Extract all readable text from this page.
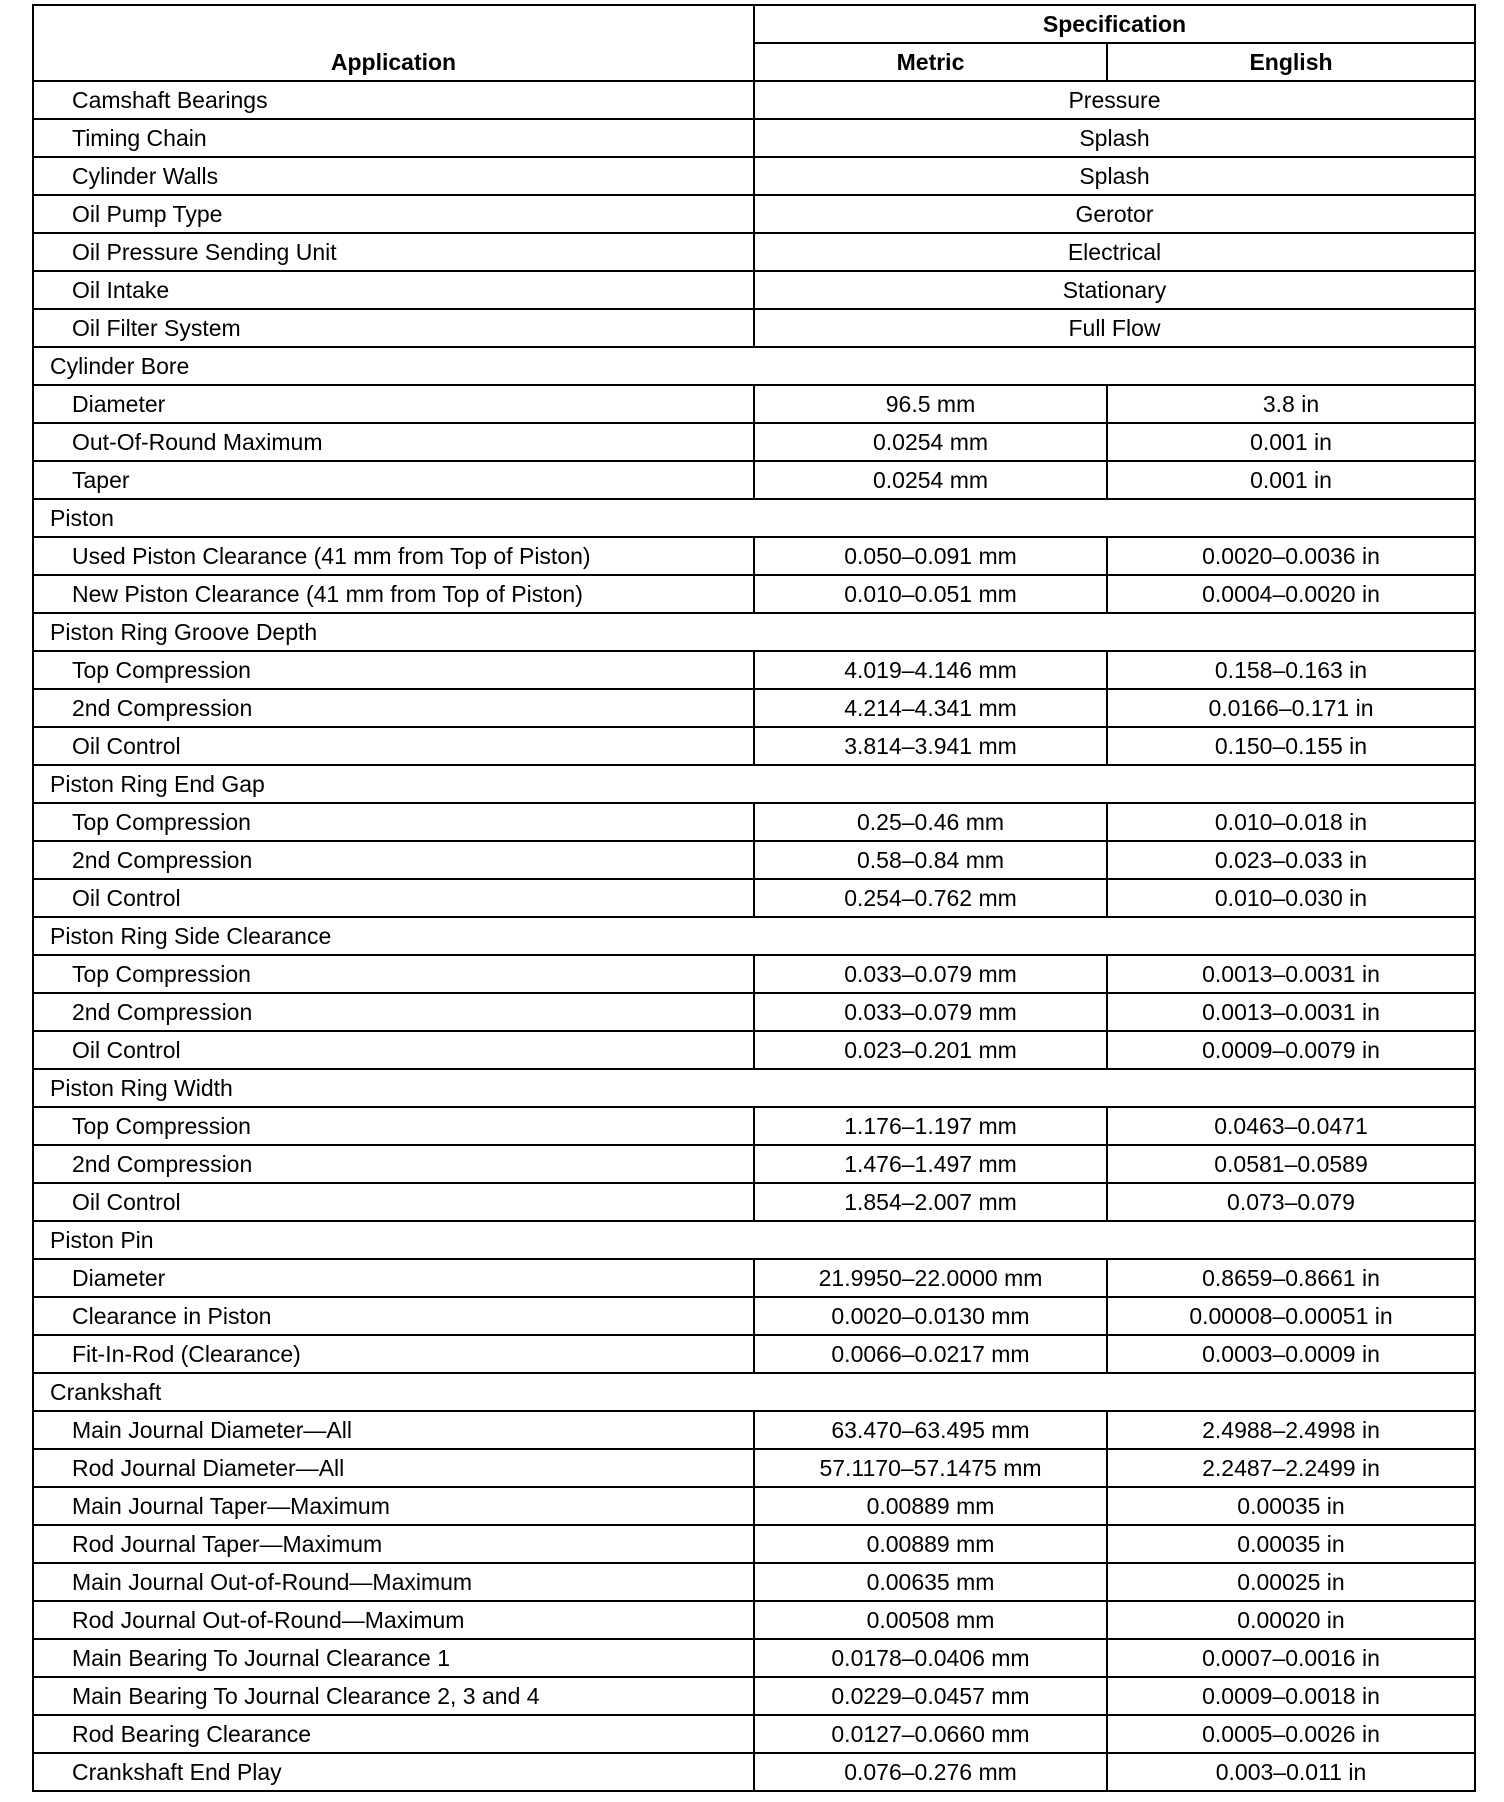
Application	Specification	
	Metric	English
Camshaft Bearings	Pressure	
Timing Chain	Splash	
Cylinder Walls	Splash	
Oil Pump Type	Gerotor	
Oil Pressure Sending Unit	Electrical	
Oil Intake	Stationary	
Oil Filter System	Full Flow	
Cylinder Bore		
Diameter	96.5 mm	3.8 in
Out-Of-Round Maximum	0.0254 mm	0.001 in
Taper	0.0254 mm	0.001 in
Piston		
Used Piston Clearance (41 mm from Top of Piston)	0.050–0.091 mm	0.0020–0.0036 in
New Piston Clearance (41 mm from Top of Piston)	0.010–0.051 mm	0.0004–0.0020 in
Piston Ring Groove Depth		
Top Compression	4.019–4.146 mm	0.158–0.163 in
2nd Compression	4.214–4.341 mm	0.0166–0.171 in
Oil Control	3.814–3.941 mm	0.150–0.155 in
Piston Ring End Gap		
Top Compression	0.25–0.46 mm	0.010–0.018 in
2nd Compression	0.58–0.84 mm	0.023–0.033 in
Oil Control	0.254–0.762 mm	0.010–0.030 in
Piston Ring Side Clearance		
Top Compression	0.033–0.079 mm	0.0013–0.0031 in
2nd Compression	0.033–0.079 mm	0.0013–0.0031 in
Oil Control	0.023–0.201 mm	0.0009–0.0079 in
Piston Ring Width		
Top Compression	1.176–1.197 mm	0.0463–0.0471
2nd Compression	1.476–1.497 mm	0.0581–0.0589
Oil Control	1.854–2.007 mm	0.073–0.079
Piston Pin		
Diameter	21.9950–22.0000 mm	0.8659–0.8661 in
Clearance in Piston	0.0020–0.0130 mm	0.00008–0.00051 in
Fit-In-Rod (Clearance)	0.0066–0.0217 mm	0.0003–0.0009 in
Crankshaft		
Main Journal Diameter—All	63.470–63.495 mm	2.4988–2.4998 in
Rod Journal Diameter—All	57.1170–57.1475 mm	2.2487–2.2499 in
Main Journal Taper—Maximum	0.00889 mm	0.00035 in
Rod Journal Taper—Maximum	0.00889 mm	0.00035 in
Main Journal Out-of-Round—Maximum	0.00635 mm	0.00025 in
Rod Journal Out-of-Round—Maximum	0.00508 mm	0.00020 in
Main Bearing To Journal Clearance 1	0.0178–0.0406 mm	0.0007–0.0016 in
Main Bearing To Journal Clearance 2, 3 and 4	0.0229–0.0457 mm	0.0009–0.0018 in
Rod Bearing Clearance	0.0127–0.0660 mm	0.0005–0.0026 in
Crankshaft End Play	0.076–0.276 mm	0.003–0.011 in
